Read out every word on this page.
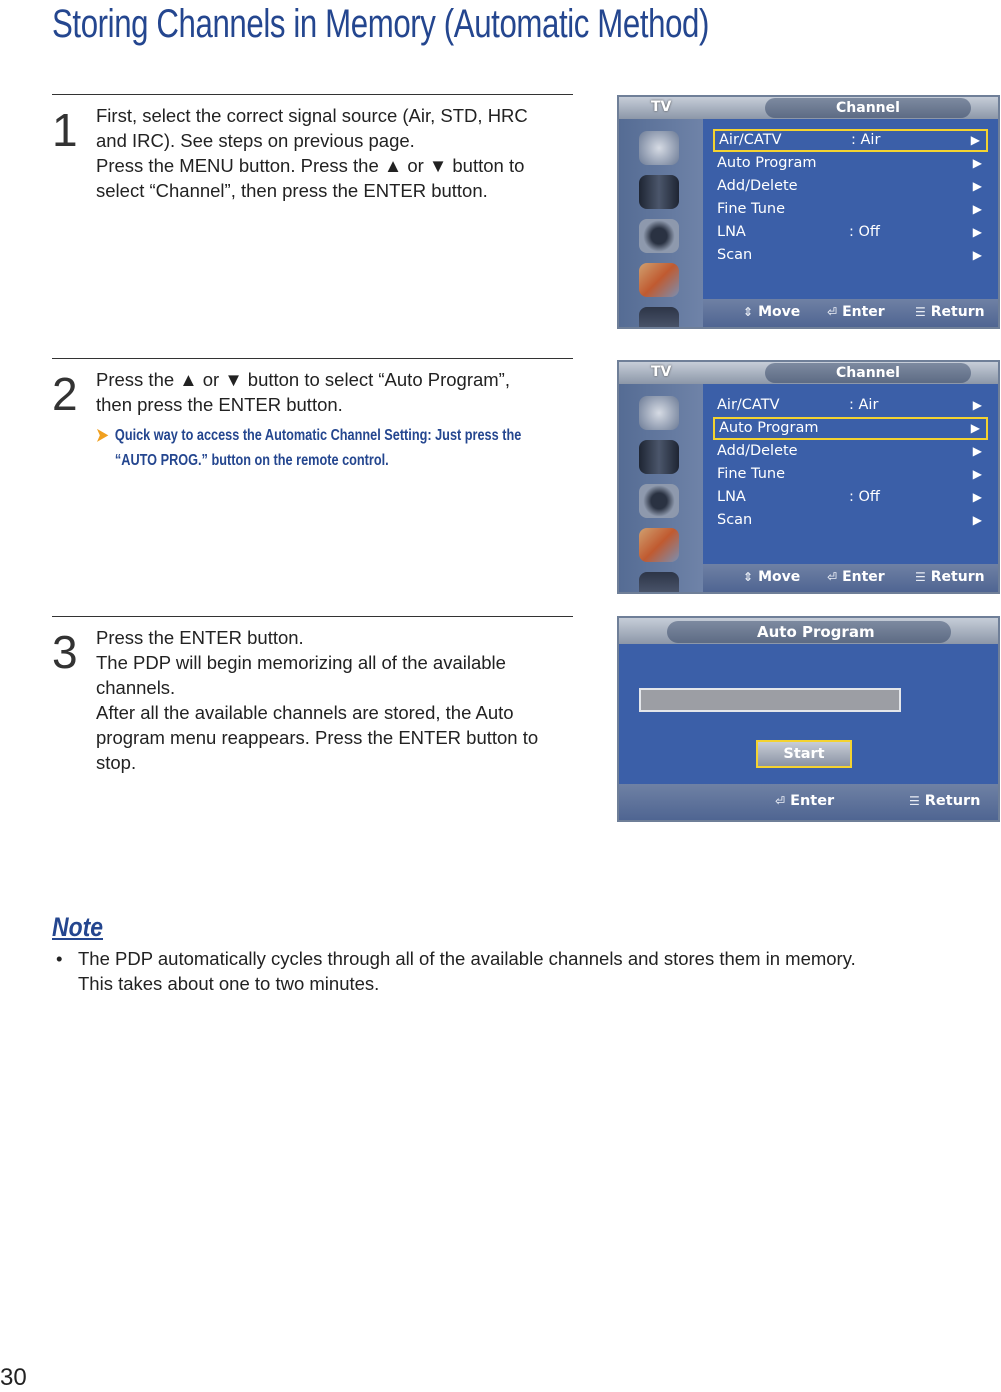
Storing Channels in Memory (Automatic Method)
1 First, select the correct signal source (Air, STD, HRC
and IRC). See steps on previous page.
Press the MENU button. Press the ▲ or ▼ button to
select “Channel”, then press the ENTER button.
2 Press the ▲ or ▼ button to select “Auto Program”,
then press the ENTER button.
➤ Quick way to access the Automatic Channel Setting: Just press the
“AUTO PROG.” button on the remote control.
3 Press the ENTER button.
The PDP will begin memorizing all of the available
channels.
After all the available channels are stored, the Auto
program menu reappears. Press the ENTER button to
stop.
TV	Channel
Air/CATV	: Air	▶
Auto Program	▶
Add/Delete	▶
Fine Tune	▶
LNA	: Off	▶
Scan	▶
⇕ Move ⏎ Enter	☰ Return
TV	Channel
Air/CATV	: Air	▶
Auto Program	▶
Add/Delete	▶
Fine Tune	▶
LNA	: Off	▶
Scan	▶
⇕ Move ⏎ Enter	☰ Return
Auto Program
Start
⏎ Enter	☰ Return
Note
• The PDP automatically cycles through all of the available channels and stores them in memory.
This takes about one to two minutes.
30
